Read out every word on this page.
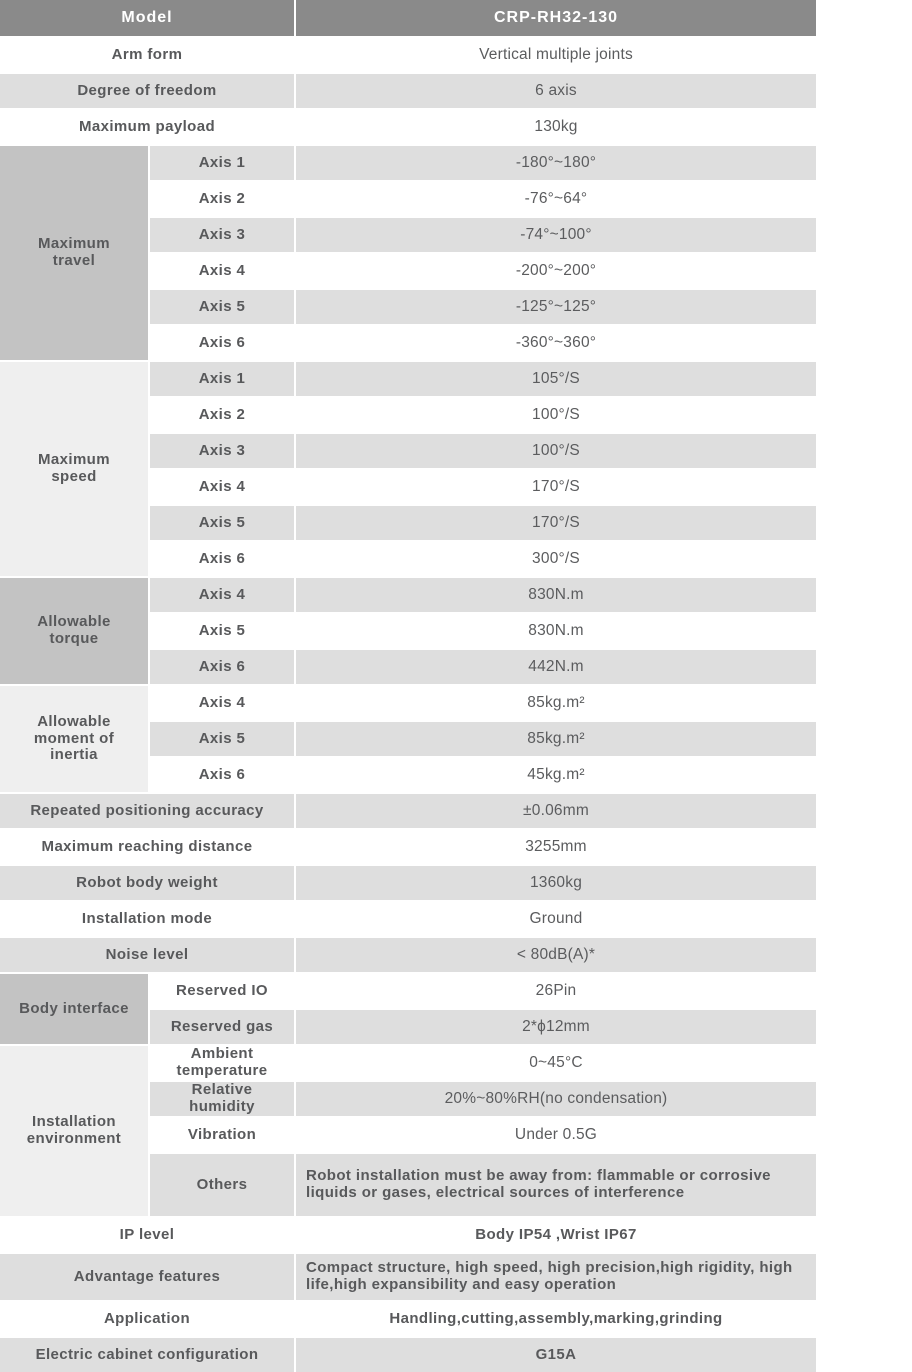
Model	CRP-RH32-130
Arm form	Vertical multiple joints
Degree of freedom	6 axis
Maximum payload	130kg
Maximum travel
Axis 1	-180°~180°
Axis 2	-76°~64°
Axis 3	-74°~100°
Axis 4	-200°~200°
Axis 5	-125°~125°
Axis 6	-360°~360°
Maximum speed
Axis 1	105°/S
Axis 2	100°/S
Axis 3	100°/S
Axis 4	170°/S
Axis 5	170°/S
Axis 6	300°/S
Allowable torque
Axis 4	830N.m
Axis 5	830N.m
Axis 6	442N.m
Allowable moment of inertia
Axis 4	85kg.m²
Axis 5	85kg.m²
Axis 6	45kg.m²
Repeated positioning accuracy	±0.06mm
Maximum reaching distance	3255mm
Robot body weight	1360kg
Installation mode	Ground
Noise level	< 80dB(A)*
Body interface
Reserved IO	26Pin
Reserved gas	2*ϕ12mm
Installation environment
Ambient temperature	0~45°C
Relative humidity	20%~80%RH(no condensation)
Vibration	Under 0.5G
Others	Robot installation must be away from: flammable or corrosive liquids or gases, electrical sources of interference
IP level	Body IP54 ,Wrist IP67
Advantage features	Compact structure, high speed, high precision,high rigidity, high life,high expansibility and easy operation
Application	Handling,cutting,assembly,marking,grinding
Electric cabinet configuration	G15A
